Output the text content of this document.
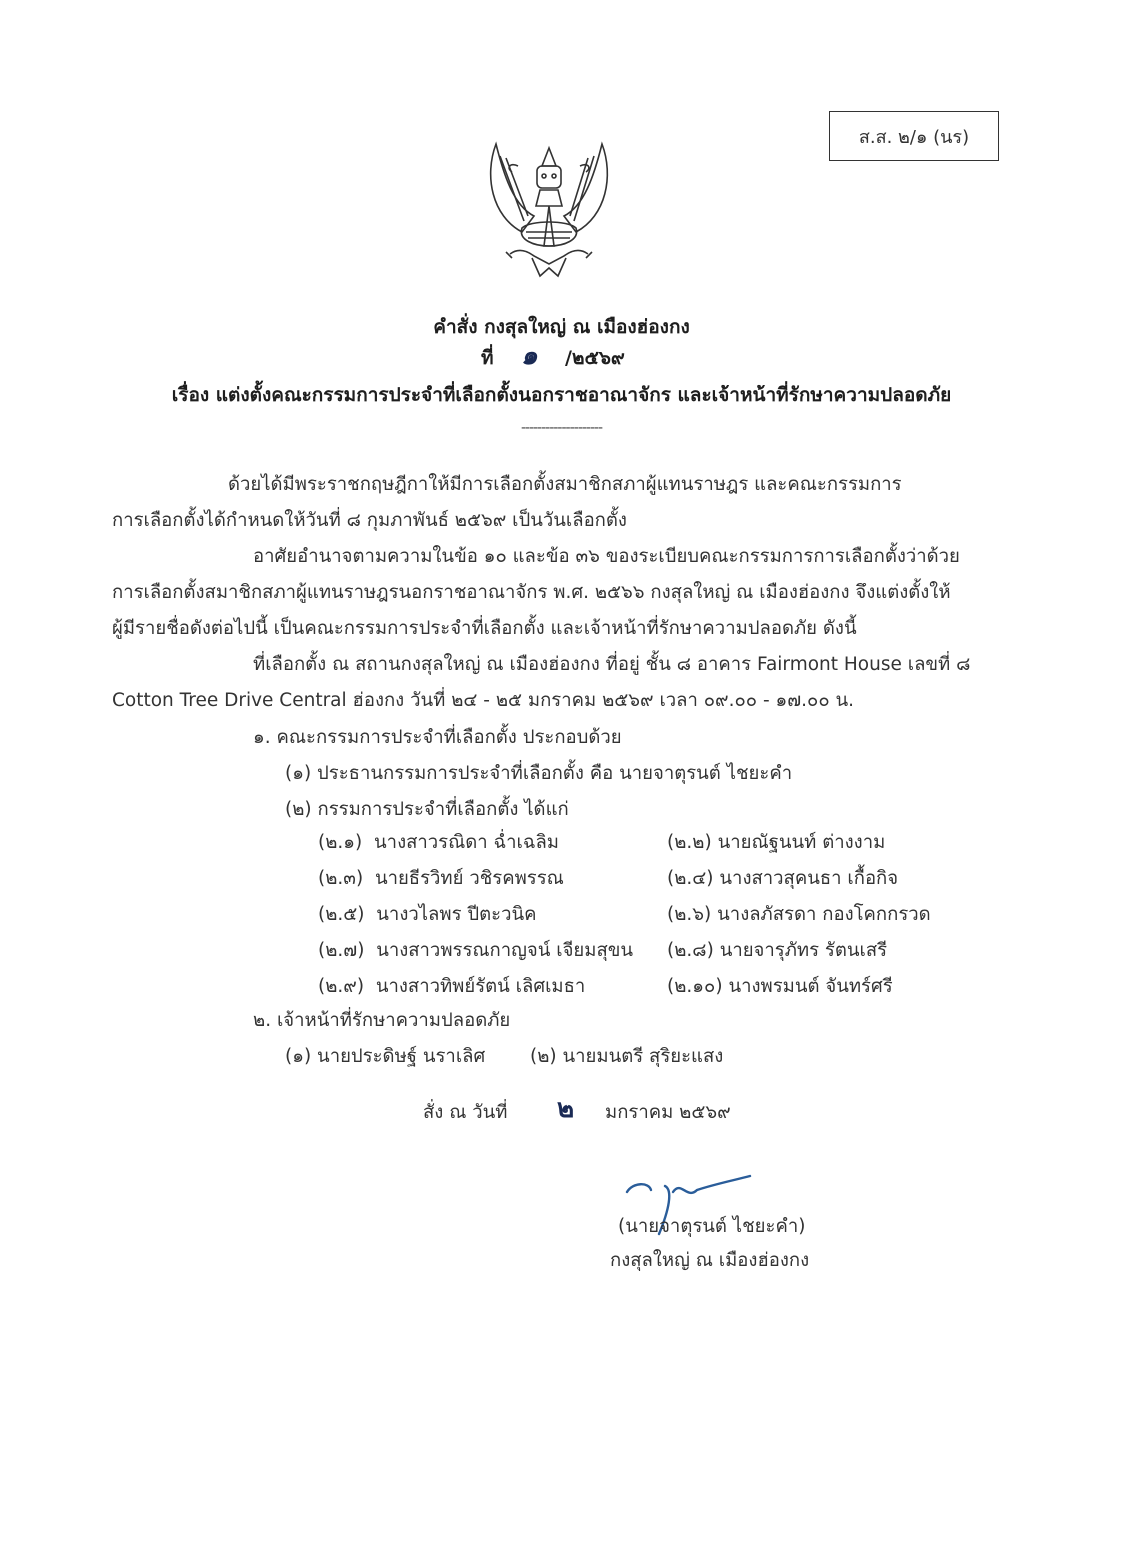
ส.ส. ๒/๑ (นร)
คำสั่ง กงสุลใหญ่ ณ เมืองฮ่องกง
ที่ ๑ /๒๕๖๙
เรื่อง แต่งตั้งคณะกรรมการประจำที่เลือกตั้งนอกราชอาณาจักร และเจ้าหน้าที่รักษาความปลอดภัย
--------------------
ด้วยได้มีพระราชกฤษฎีกาให้มีการเลือกตั้งสมาชิกสภาผู้แทนราษฎร และคณะกรรมการ
การเลือกตั้งได้กำหนดให้วันที่ ๘ กุมภาพันธ์ ๒๕๖๙ เป็นวันเลือกตั้ง
อาศัยอำนาจตามความในข้อ ๑๐ และข้อ ๓๖ ของระเบียบคณะกรรมการการเลือกตั้งว่าด้วย
การเลือกตั้งสมาชิกสภาผู้แทนราษฎรนอกราชอาณาจักร พ.ศ. ๒๕๖๖ กงสุลใหญ่ ณ เมืองฮ่องกง จึงแต่งตั้งให้
ผู้มีรายชื่อดังต่อไปนี้ เป็นคณะกรรมการประจำที่เลือกตั้ง และเจ้าหน้าที่รักษาความปลอดภัย ดังนี้
ที่เลือกตั้ง ณ สถานกงสุลใหญ่ ณ เมืองฮ่องกง ที่อยู่ ชั้น ๘ อาคาร Fairmont House เลขที่ ๘
Cotton Tree Drive Central ฮ่องกง วันที่ ๒๔ - ๒๕ มกราคม ๒๕๖๙ เวลา ๐๙.๐๐ - ๑๗.๐๐ น.
๑. คณะกรรมการประจำที่เลือกตั้ง ประกอบด้วย
(๑) ประธานกรรมการประจำที่เลือกตั้ง คือ นายจาตุรนต์ ไชยะคำ
(๒) กรรมการประจำที่เลือกตั้ง ได้แก่
(๒.๑) นางสาวรณิดา ฉ่ำเฉลิม	(๒.๒) นายณัฐนนท์ ต่างงาม
(๒.๓) นายธีรวิทย์ วชิรคพรรณ	(๒.๔) นางสาวสุคนธา เกื้อกิจ
(๒.๕) นางวไลพร ปีตะวนิค	(๒.๖) นางลภัสรดา กองโคกกรวด
(๒.๗) นางสาวพรรณกาญจน์ เจียมสุขน (๒.๘) นายจารุภัทร รัตนเสรี
(๒.๙) นางสาวทิพย์รัตน์ เลิศเมธา	(๒.๑๐) นางพรมนต์ จันทร์ศรี
๒. เจ้าหน้าที่รักษาความปลอดภัย
(๑) นายประดิษฐ์ นราเลิศ (๒) นายมนตรี สุริยะแสง
สั่ง ณ วันที่ ๒ มกราคม ๒๕๖๙
(นายจาตุรนต์ ไชยะคำ)
กงสุลใหญ่ ณ เมืองฮ่องกง
